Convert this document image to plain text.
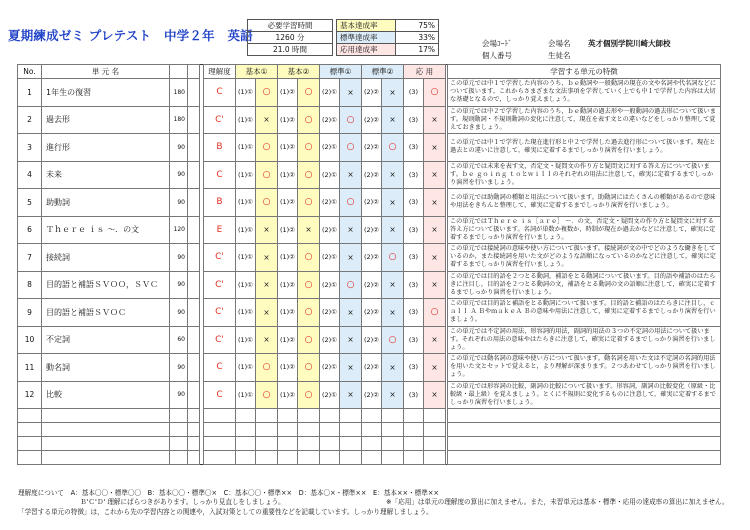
夏期練成ゼミ プレテスト　中学２年　英語
必要学習時間
1260 分
21.0 時間
基本達成率	75%
標準達成率	33%
応用達成率	17%
会場ｺｰﾄﾞ	会場名 英才個別学院川崎大師校
個人番号	生徒名
No.	単 元 名				理解度	基本①		基本②		標準①		標準②		応 用			学習する単元の特徴
1	1年生の復習	180			C	(1)①	○	(1)②	○	(2)①	×	(2)②	×	(3)	○		この単元では中１で学習した内容のうち，ｂｅ動詞や一般動詞の現在の文や名詞や代名詞などについて扱います。これからさまざまな文法事項を学習していく上でも中１で学習した内容は大切な基礎となるので，しっかり覚えましょう。
2	過去形	180			C'	(1)①	×	(1)②	○	(2)①	○	(2)②	×	(3)	×		この単元では中２で学習した内容のうち，ｂｅ動詞の過去形や一般動詞の過去形について扱います。規則動詞・不規則動詞の変化に注意して，現在を表す文との違いなどをしっかり整理して覚えておきましょう。
3	進行形	90			B	(1)①	○	(1)②	○	(2)①	○	(2)②	○	(3)	×		この単元では中１で学習した現在進行形と中２で学習した過去進行形について扱います。現在と過去との違いに注意して，確実に定着するまでしっかり演習を行いましょう。
4	未来	90			C	(1)①	○	(1)②	○	(2)①	×	(2)②	×	(3)	×		この単元では未来を表す文，否定文・疑問文の作り方と疑問文に対する答え方について扱います。ｂｅ ｇｏｉｎｇ ｔｏとｗｉｌｌのそれぞれの用法に注意して，確実に定着するまでしっかり演習を行いましょう。
5	助動詞	90			B	(1)①	○	(1)②	○	(2)①	○	(2)②	×	(3)	×		この単元では助動詞の種類と用法について扱います。助動詞にはたくさんの種類があるので意味や用法をきちんと整理して，確実に定着するまでしっかり演習を行いましょう。
6	Ｔｈｅｒｅ ｉｓ 〜．の文	120			E	(1)①	×	(1)②	×	(2)①	×	(2)②	×	(3)	×		この単元ではＴｈｅｒｅ ｉｓ［ａｒｅ］ 〜．の文，否定文・疑問文の作り方と疑問文に対する答え方について扱います。名詞が単数か複数か，時制が現在か過去かなどに注意して，確実に定着するまでしっかり演習を行いましょう。
7	接続詞	90			C'	(1)①	×	(1)②	○	(2)①	×	(2)②	○	(3)	×		この単元では接続詞の意味や使い方について扱います。接続詞が文の中でどのような働きをしているのか，また接続詞を用いた文がどのような語順になっているのかなどに注意して，確実に定着するまでしっかり演習を行いましょう。
8	目的語と補語ＳＶＯＯ，ＳＶＣ	90			C'	(1)①	×	(1)②	○	(2)①	○	(2)②	×	(3)	×		この単元では目的語を２つとる動詞，補語をとる動詞について扱います。目的語や補語のはたらきに注目し，目的語を２つとる動詞の文，補語をとる動詞の文の語順に注意して，確実に定着するまでしっかり演習を行いましょう。
9	目的語と補語ＳＶＯＣ	90			C'	(1)①	×	(1)②	○	(2)①	×	(2)②	×	(3)	○		この単元では目的語と補語をとる動詞について扱います。目的語と補語のはたらきに注目し，ｃａｌｌ Ａ ＢやｍａｋｅＡ Ｂの意味や用法に注意して，確実に定着するまでしっかり演習を行いましょう。
10	不定詞	60			C'	(1)①	×	(1)②	○	(2)①	×	(2)②	○	(3)	×		この単元では不定詞の用法，形容詞的用法，副詞的用法の３つの不定詞の用法について扱います。それぞれの用法の意味やはたらきに注意して，確実に定着するまでしっかり演習を行いましょう。
11	動名詞	90			C	(1)①	○	(1)②	○	(2)①	×	(2)②	×	(3)	×		この単元では動名詞の意味や使い方について扱います。動名詞を用いた文は不定詞の名詞的用法を用いた文とセットで覚えると，より理解が深まります。２つあわせてしっかり演習を行いましょう。
12	比較	90			C	(1)①	○	(1)②	○	(2)①	×	(2)②	×	(3)	×		この単元では形容詞の比較，副詞の比較について扱います。形容詞，副詞の比較変化（原級・比較級・最上級）を覚えましょう。とくに不規則に変化するものに注意して，確実に定着するまでしっかり演習を行いましょう。

理解度について　A：基本〇〇・標準〇〇　B：基本〇〇・標準〇×　C：基本〇〇・標準××　D：基本〇×・標準××　E：基本××・標準××
※「応用」は単元の理解度の算出に加えません。また，未習単元は基本・標準・応用の達成率の算出に加えません。
Ｂ'Ｃ'Ｄ' 理解にばらつきがあります。しっかり見直しをしましょう。
「学習する単元の特徴」は，これから先の学習内容との関連や，入試対策としての重要性などを記載しています。しっかり理解しましょう。
